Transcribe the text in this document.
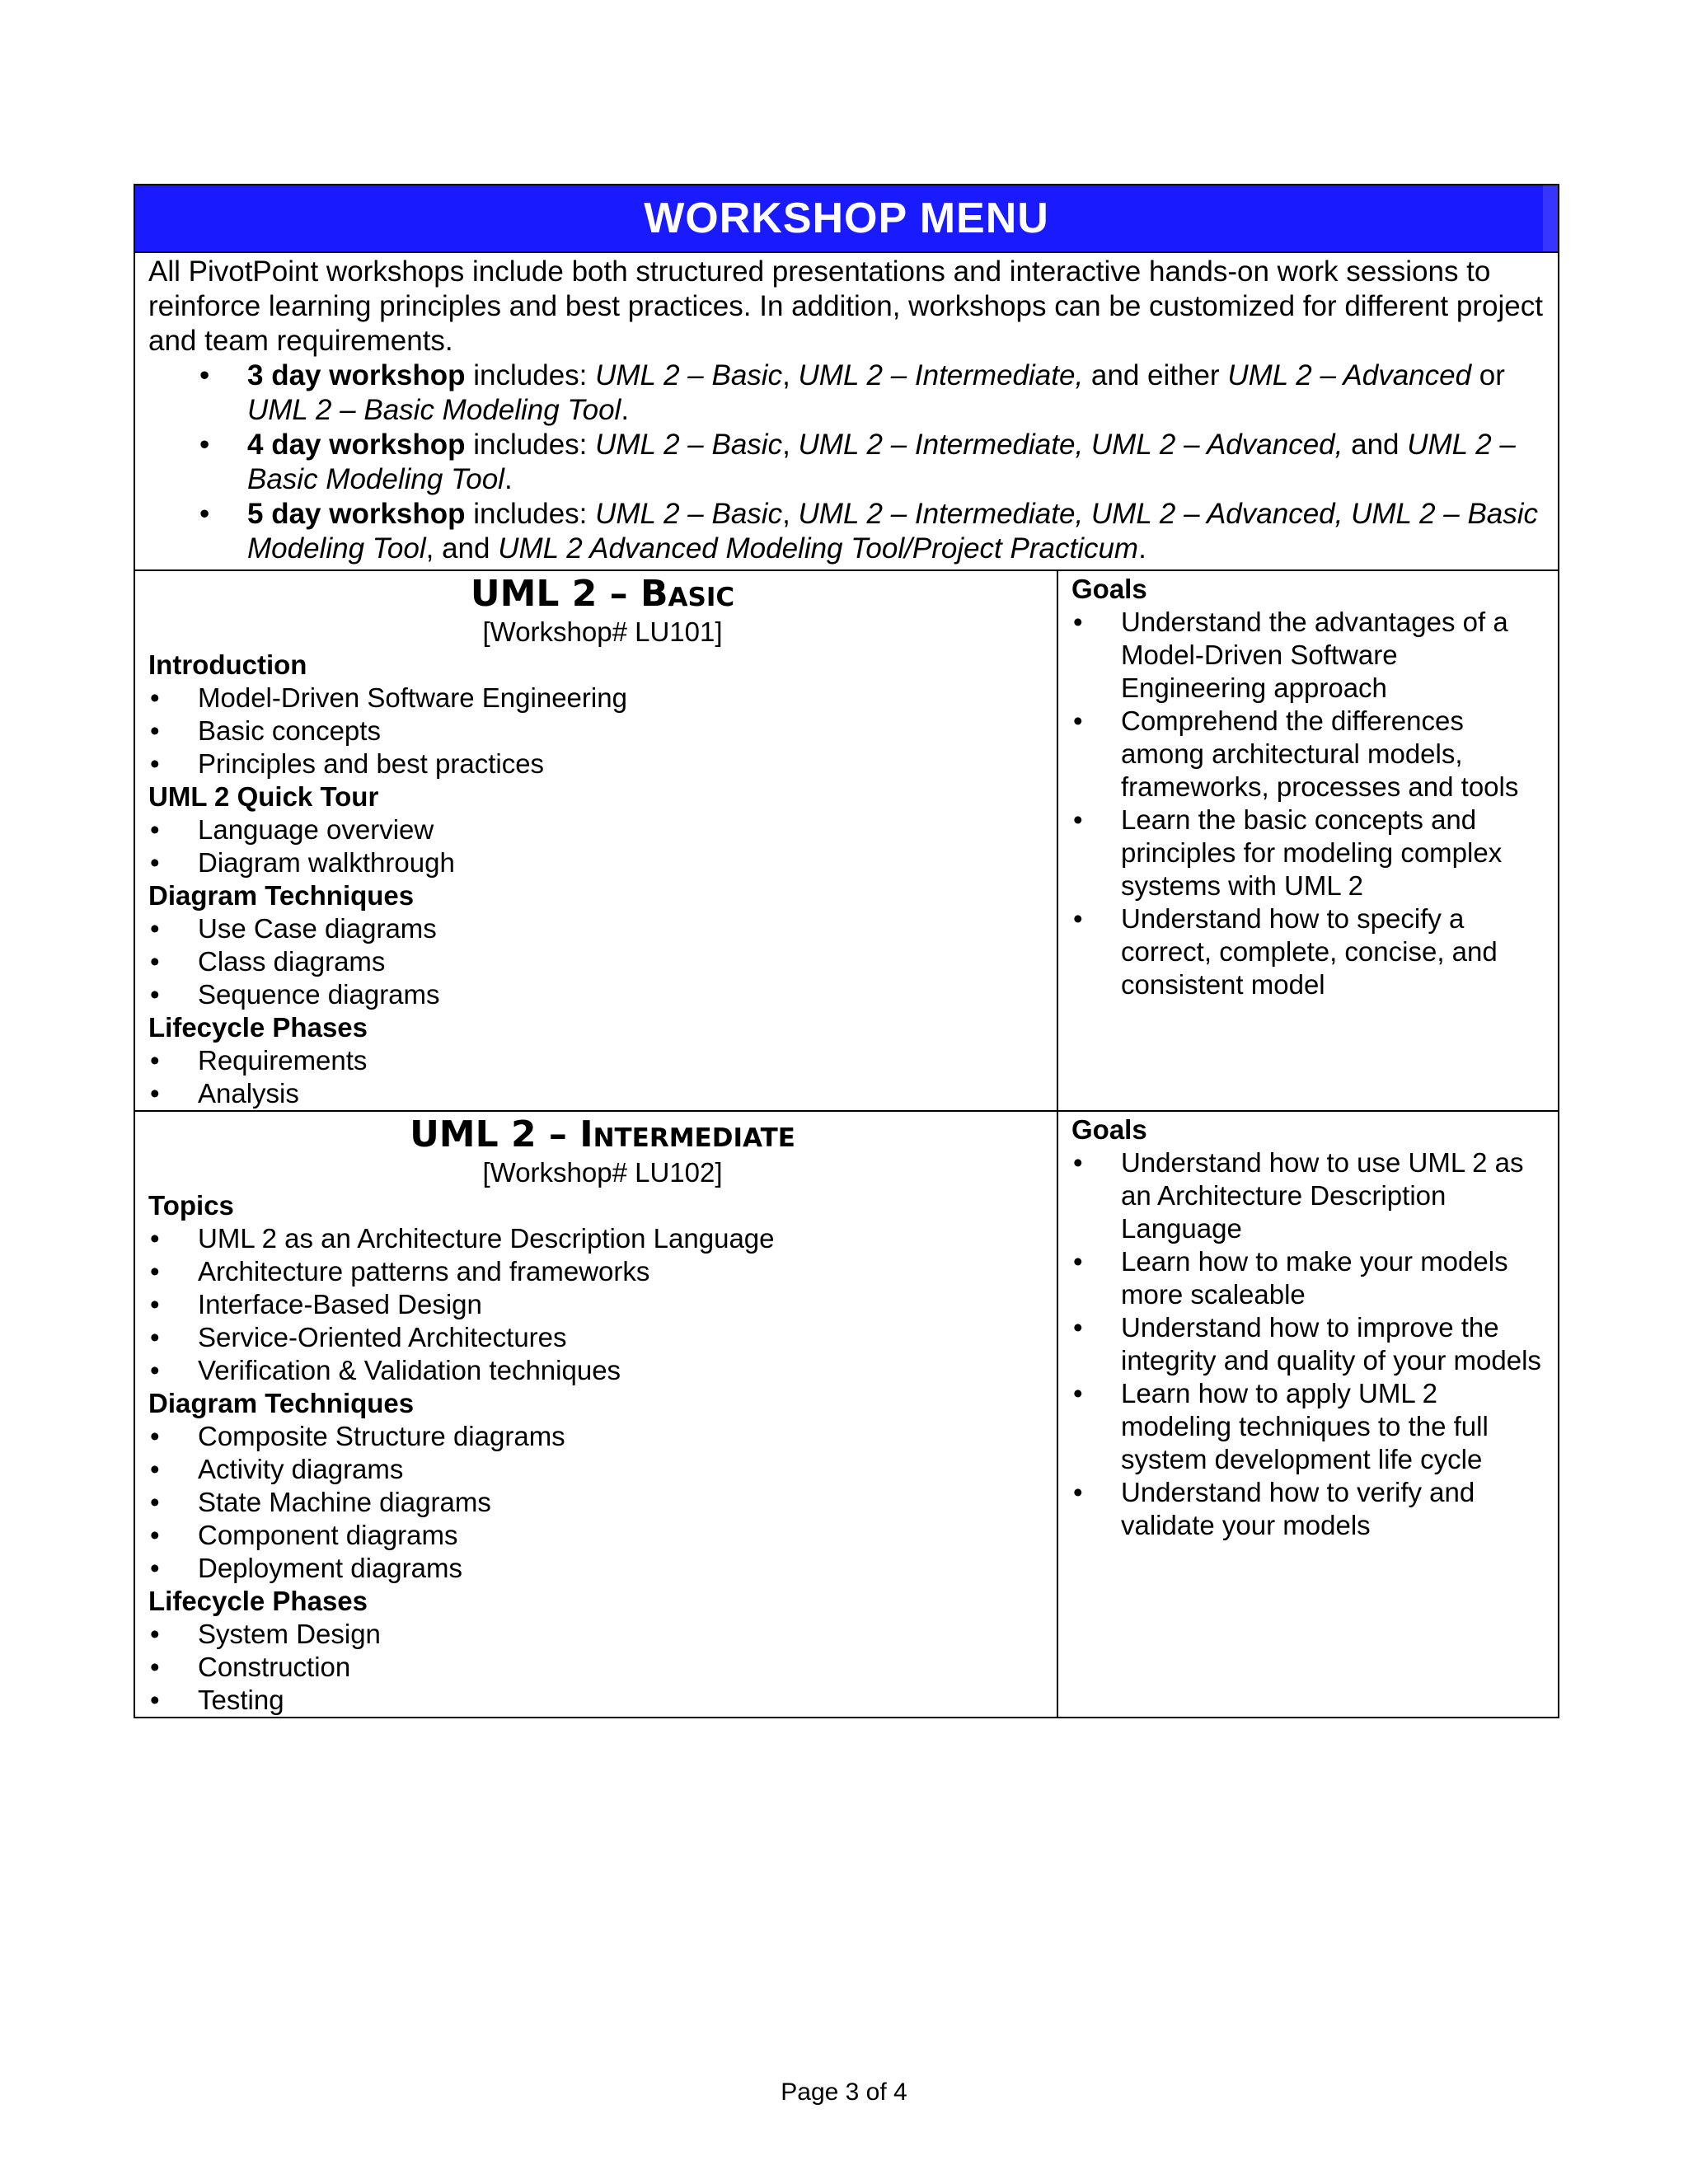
WORKSHOP MENU

All PivotPoint workshops include both structured presentations and interactive hands-on work sessions to reinforce learning principles and best practices. In addition, workshops can be customized for different project and team requirements.

• 3 day workshop includes: UML 2 – Basic, UML 2 – Intermediate, and either UML 2 – Advanced or UML 2 – Basic Modeling Tool.
• 4 day workshop includes: UML 2 – Basic, UML 2 – Intermediate, UML 2 – Advanced, and UML 2 – Basic Modeling Tool.
• 5 day workshop includes: UML 2 – Basic, UML 2 – Intermediate, UML 2 – Advanced, UML 2 – Basic Modeling Tool, and UML 2 Advanced Modeling Tool/Project Practicum.
UML 2 – Basic
[Workshop# LU101]
Introduction
• Model-Driven Software Engineering
• Basic concepts
• Principles and best practices
UML 2 Quick Tour
• Language overview
• Diagram walkthrough
Diagram Techniques
• Use Case diagrams
• Class diagrams
• Sequence diagrams
Lifecycle Phases
• Requirements
• Analysis
Goals
• Understand the advantages of a Model-Driven Software Engineering approach
• Comprehend the differences among architectural models, frameworks, processes and tools
• Learn the basic concepts and principles for modeling complex systems with UML 2
• Understand how to specify a correct, complete, concise, and consistent model
UML 2 – Intermediate
[Workshop# LU102]
Topics
• UML 2 as an Architecture Description Language
• Architecture patterns and frameworks
• Interface-Based Design
• Service-Oriented Architectures
• Verification & Validation techniques
Diagram Techniques
• Composite Structure diagrams
• Activity diagrams
• State Machine diagrams
• Component diagrams
• Deployment diagrams
Lifecycle Phases
• System Design
• Construction
• Testing
Goals
• Understand how to use UML 2 as an Architecture Description Language
• Learn how to make your models more scaleable
• Understand how to improve the integrity and quality of your models
• Learn how to apply UML 2 modeling techniques to the full system development life cycle
• Understand how to verify and validate your models
Page 3 of 4
